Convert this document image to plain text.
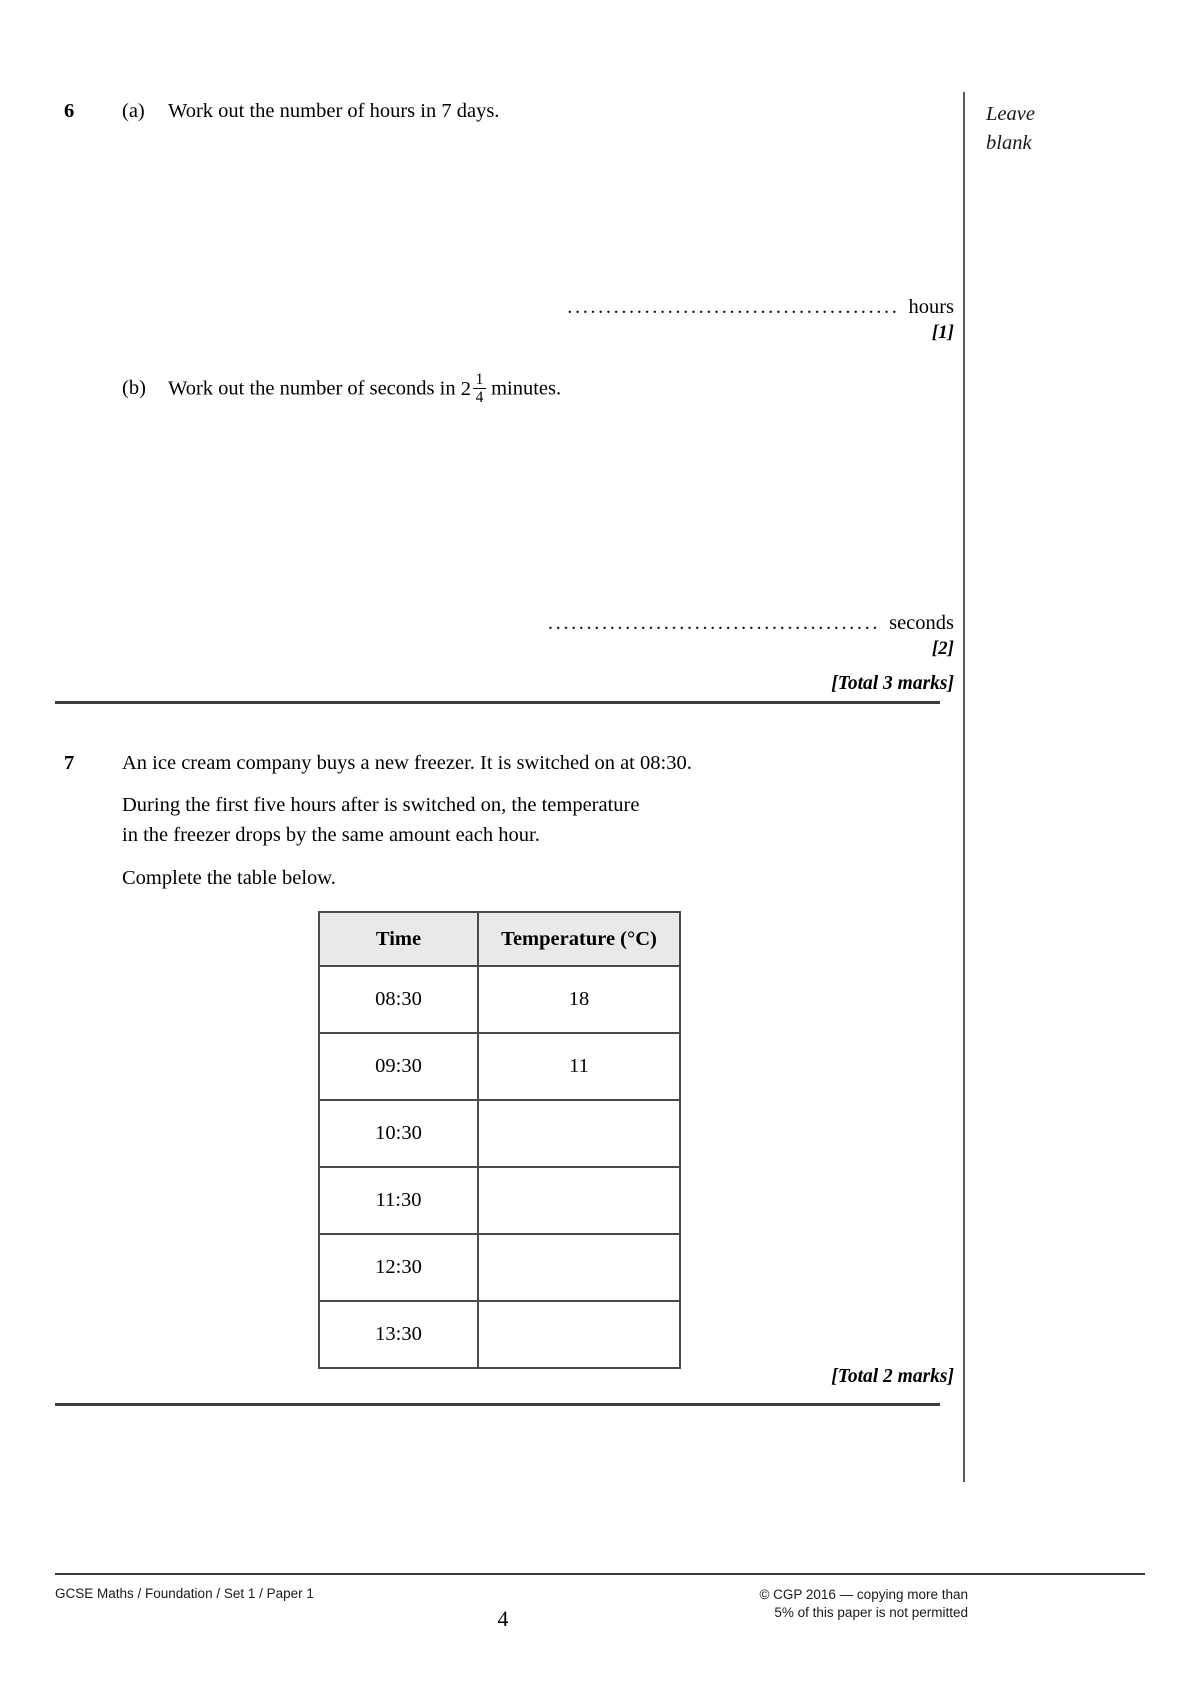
Leave
blank
6	(a)	Work out the number of hours in 7 days.
........................................... hours
[1]
(b)	Work out the number of seconds in $2 \frac{1}{4}$ minutes.
........................................... seconds
[2]
[Total 3 marks]
7	An ice cream company buys a new freezer. It is switched on at 08:30.
During the first five hours after is switched on, the temperature
in the freezer drops by the same amount each hour.
Complete the table below.
Time	Temperature (°C)
08:30	18
09:30	11
10:30	
11:30	
12:30	
13:30	
[Total 2 marks]
GCSE Maths / Foundation / Set 1 / Paper 1	© CGP 2016 — copying more than
5% of this paper is not permitted
4
